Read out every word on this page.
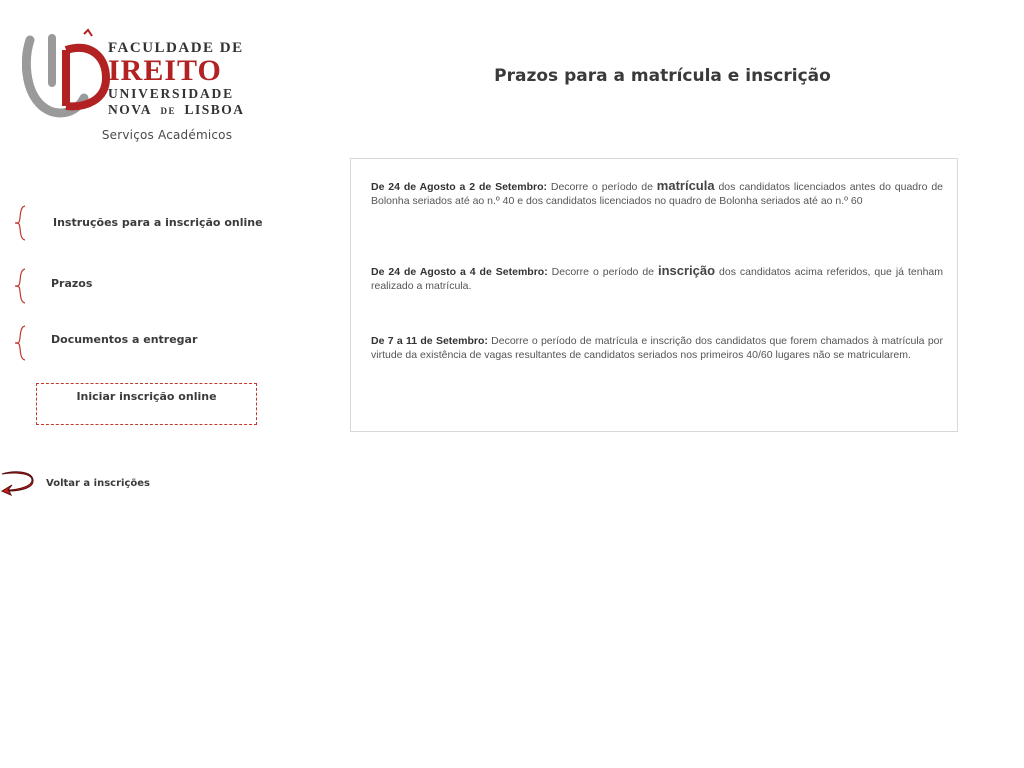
FACULDADE DE
IREITO
UNIVERSIDADE
NOVA DE LISBOA
Serviços Académicos
Prazos para a matrícula e inscrição
Instruções para a inscrição online
Prazos
Documentos a entregar
Iniciar inscrição online
Voltar a inscrições
De 24 de Agosto a 2 de Setembro: Decorre o período de matrícula dos candidatos licenciados antes do quadro de Bolonha seriados até ao n.º 40 e dos candidatos licenciados no quadro de Bolonha seriados até ao n.º 60
De 24 de Agosto a 4 de Setembro: Decorre o período de inscrição dos candidatos acima referidos, que já tenham realizado a matrícula.
De 7 a 11 de Setembro: Decorre o período de matrícula e inscrição dos candidatos que forem chamados à matrícula por virtude da existência de vagas resultantes de candidatos seriados nos primeiros 40/60 lugares não se matricularem.
